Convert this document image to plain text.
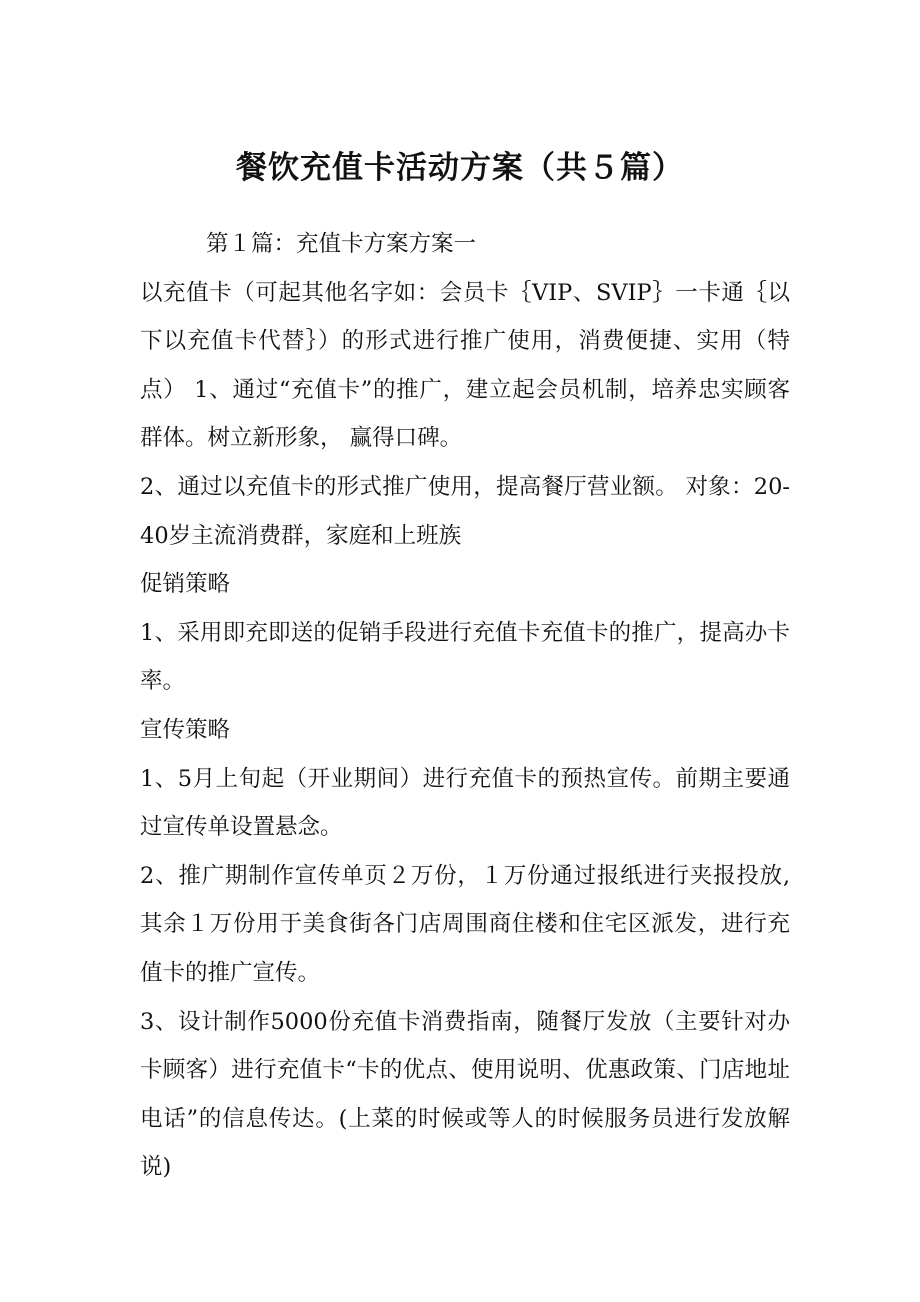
餐饮充值卡活动方案（共５篇）

第１篇：充值卡方案方案一

以充值卡（可起其他名字如：会员卡｛VIP、SVIP｝一卡通｛以下以充值卡代替｝）的形式进行推广使用，消费便捷、实用（特点） 1、通过“充值卡”的推广，建立起会员机制，培养忠实顾客群体。树立新形象， 赢得口碑。

2、通过以充值卡的形式推广使用，提高餐厅营业额。 对象：20-40岁主流消费群，家庭和上班族

促销策略

1、采用即充即送的促销手段进行充值卡充值卡的推广，提高办卡率。

宣传策略

1、5月上旬起（开业期间）进行充值卡的预热宣传。前期主要通过宣传单设置悬念。

2、推广期制作宣传单页２万份，１万份通过报纸进行夹报投放,其余１万份用于美食街各门店周围商住楼和住宅区派发，进行充值卡的推广宣传。

3、设计制作5000份充值卡消费指南，随餐厅发放（主要针对办卡顾客）进行充值卡“卡的优点、使用说明、优惠政策、门店地址电话”的信息传达。(上菜的时候或等人的时候服务员进行发放解说)
